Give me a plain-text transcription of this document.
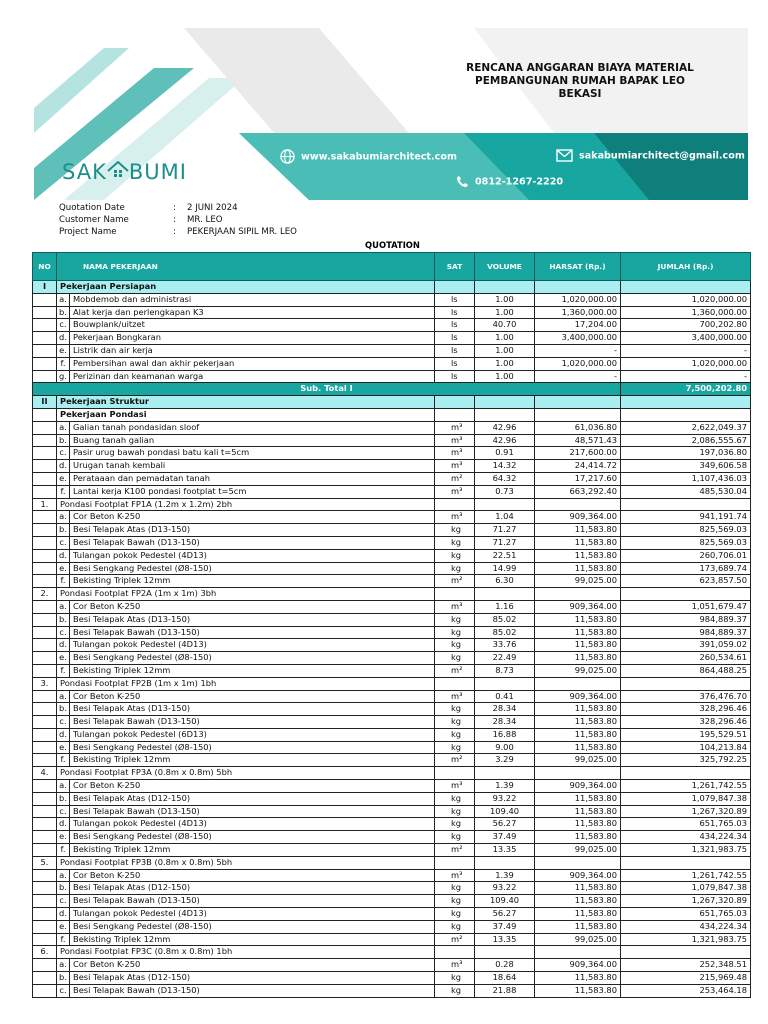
RENCANA ANGGARAN BIAYA MATERIAL
PEMBANGUNAN RUMAH BAPAK LEO
BEKASI
SAK BUMI
www.sakabumiarchitect.com	sakabumiarchitect@gmail.com
0812-1267-2220
Quotation Date	: 2 JUNI 2024
Customer Name	: MR. LEO
Project Name	: PEKERJAAN SIPIL MR. LEO
QUOTATION
NO	NAMA PEKERJAAN	SAT	VOLUME	HARSAT (Rp.)	JUMLAH (Rp.)
I	Pekerjaan Persiapan				
	a. Mobdemob dan administrasi	ls	1.00	1,020,000.00	1,020,000.00
	b. Alat kerja dan perlengkapan K3	ls	1.00	1,360,000.00	1,360,000.00
	c. Bouwplank/uitzet	ls	40.70	17,204.00	700,202.80
	d. Pekerjaan Bongkaran	ls	1.00	3,400,000.00	3,400,000.00
	e. Listrik dan air kerja	ls	1.00	-	-
	f. Pembersihan awal dan akhir pekerjaan	ls	1.00	1,020,000.00	1,020,000.00
	g. Perizinan dan keamanan warga	ls	1.00	-	-
Sub. Total I					7,500,202.80
II	Pekerjaan Struktur				
	Pekerjaan Pondasi				
	a. Galian tanah pondasidan sloof	m³	42.96	61,036.80	2,622,049.37
	b. Buang tanah galian	m³	42.96	48,571.43	2,086,555.67
	c. Pasir urug bawah pondasi batu kali t=5cm	m³	0.91	217,600.00	197,036.80
	d. Urugan tanah kembali	m³	14.32	24,414.72	349,606.58
	e. Perataaan dan pemadatan tanah	m²	64.32	17,217.60	1,107,436.03
	f. Lantai kerja K100 pondasi footplat t=5cm	m³	0.73	663,292.40	485,530.04
1.	Pondasi Footplat FP1A (1.2m x 1.2m) 2bh				
	a. Cor Beton K-250	m³	1.04	909,364.00	941,191.74
	b. Besi Telapak Atas (D13-150)	kg	71.27	11,583.80	825,569.03
	c. Besi Telapak Bawah (D13-150)	kg	71.27	11,583.80	825,569.03
	d. Tulangan pokok Pedestel (4D13)	kg	22.51	11,583.80	260,706.01
	e. Besi Sengkang Pedestel (Ø8-150)	kg	14.99	11,583.80	173,689.74
	f. Bekisting Triplek 12mm	m²	6.30	99,025.00	623,857.50
2.	Pondasi Footplat FP2A (1m x 1m) 3bh				
	a. Cor Beton K-250	m³	1.16	909,364.00	1,051,679.47
	b. Besi Telapak Atas (D13-150)	kg	85.02	11,583.80	984,889.37
	c. Besi Telapak Bawah (D13-150)	kg	85.02	11,583.80	984,889.37
	d. Tulangan pokok Pedestel (4D13)	kg	33.76	11,583.80	391,059.02
	e. Besi Sengkang Pedestel (Ø8-150)	kg	22.49	11,583.80	260,534.61
	f. Bekisting Triplek 12mm	m²	8.73	99,025.00	864,488.25
3.	Pondasi Footplat FP2B (1m x 1m) 1bh				
	a. Cor Beton K-250	m³	0.41	909,364.00	376,476.70
	b. Besi Telapak Atas (D13-150)	kg	28.34	11,583.80	328,296.46
	c. Besi Telapak Bawah (D13-150)	kg	28.34	11,583.80	328,296.46
	d. Tulangan pokok Pedestel (6D13)	kg	16.88	11,583.80	195,529.51
	e. Besi Sengkang Pedestel (Ø8-150)	kg	9.00	11,583.80	104,213.84
	f. Bekisting Triplek 12mm	m²	3.29	99,025.00	325,792.25
4.	Pondasi Footplat FP3A (0.8m x 0.8m) 5bh				
	a. Cor Beton K-250	m³	1.39	909,364.00	1,261,742.55
	b. Besi Telapak Atas (D12-150)	kg	93.22	11,583.80	1,079,847.38
	c. Besi Telapak Bawah (D13-150)	kg	109.40	11,583.80	1,267,320.89
	d. Tulangan pokok Pedestel (4D13)	kg	56.27	11,583.80	651,765.03
	e. Besi Sengkang Pedestel (Ø8-150)	kg	37.49	11,583.80	434,224.34
	f. Bekisting Triplek 12mm	m²	13.35	99,025.00	1,321,983.75
5.	Pondasi Footplat FP3B (0.8m x 0.8m) 5bh				
	a. Cor Beton K-250	m³	1.39	909,364.00	1,261,742.55
	b. Besi Telapak Atas (D12-150)	kg	93.22	11,583.80	1,079,847.38
	c. Besi Telapak Bawah (D13-150)	kg	109.40	11,583.80	1,267,320.89
	d. Tulangan pokok Pedestel (4D13)	kg	56.27	11,583.80	651,765.03
	e. Besi Sengkang Pedestel (Ø8-150)	kg	37.49	11,583.80	434,224.34
	f. Bekisting Triplek 12mm	m²	13.35	99,025.00	1,321,983.75
6.	Pondasi Footplat FP3C (0.8m x 0.8m) 1bh				
	a. Cor Beton K-250	m³	0.28	909,364.00	252,348.51
	b. Besi Telapak Atas (D12-150)	kg	18.64	11,583.80	215,969.48
	c. Besi Telapak Bawah (D13-150)	kg	21.88	11,583.80	253,464.18
